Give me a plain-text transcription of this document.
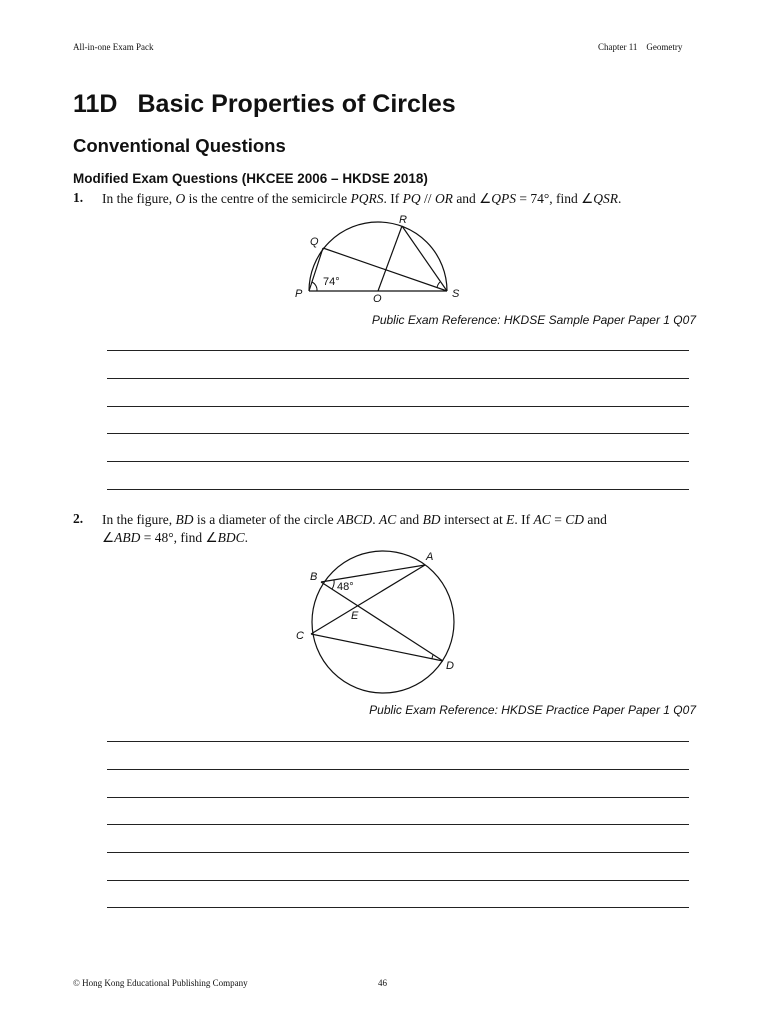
All-in-one Exam Pack	Chapter 11    Geometry
11D Basic Properties of Circles
Conventional Questions
Modified Exam Questions (HKCEE 2006 – HKDSE 2018)
1. In the figure, O is the centre of the semicircle PQRS. If PQ // OR and ∠QPS = 74°, find ∠QSR.
Q
R
P	O	S
74°
Public Exam Reference: HKDSE Sample Paper Paper 1 Q07
2. In the figure, BD is a diameter of the circle ABCD. AC and BD intersect at E. If AC = CD and
∠ABD = 48°, find ∠BDC.
A
B
C
D
E
48°
Public Exam Reference: HKDSE Practice Paper Paper 1 Q07
© Hong Kong Educational Publishing Company	46
